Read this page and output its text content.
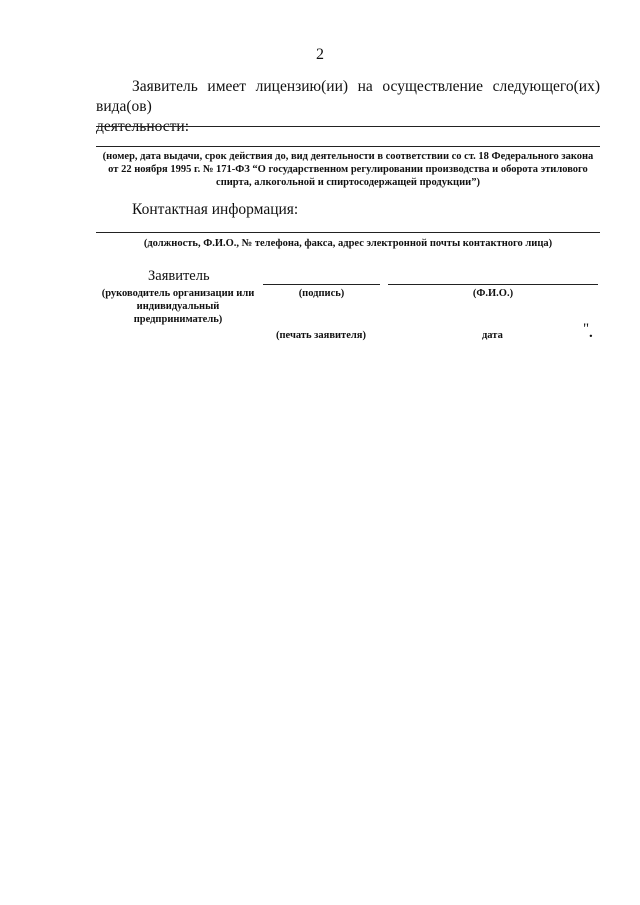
2
Заявитель имеет лицензию(ии) на осуществление следующего(их) вида(ов)
деятельности:
(номер, дата выдачи, срок действия до, вид деятельности в соответствии со ст. 18 Федерального закона
от 22 ноября 1995 г. № 171-ФЗ “О государственном регулировании производства и оборота этилового
спирта, алкогольной и спиртосодержащей продукции”)
Контактная информация:
(должность, Ф.И.О., № телефона, факса, адрес электронной почты контактного лица)
Заявитель
(руководитель организации или
индивидуальный предприниматель)
(подпись)	(Ф.И.О.)
(печать заявителя)	дата	" .
